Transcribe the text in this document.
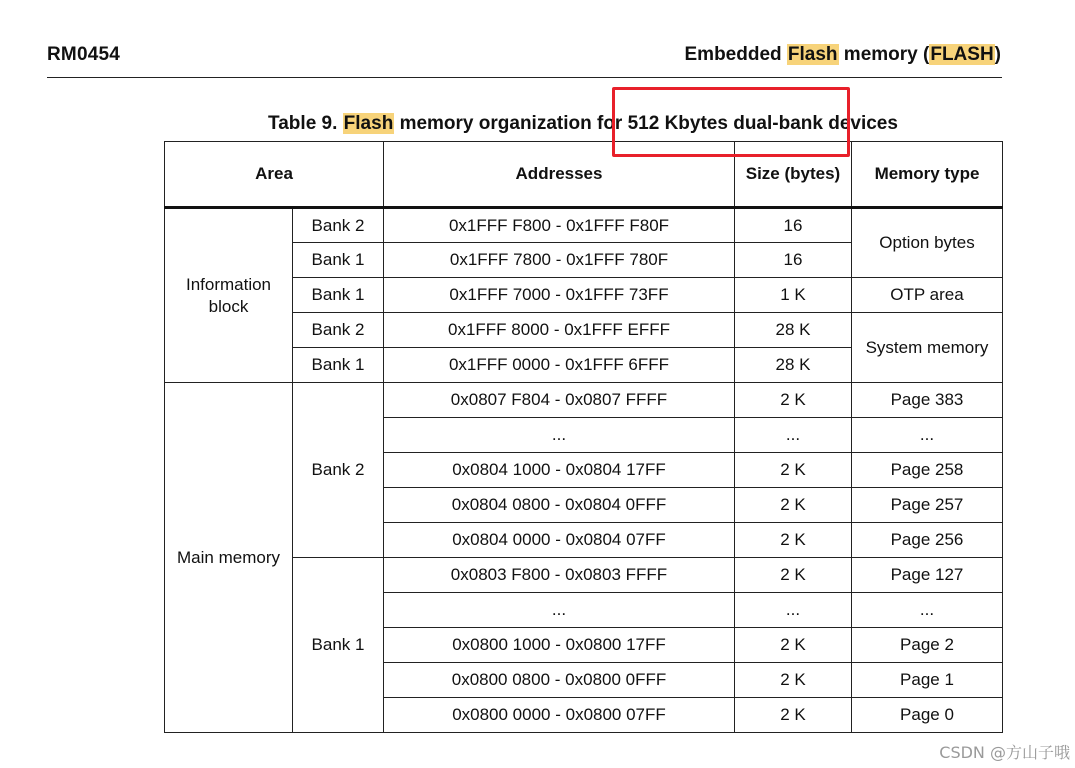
RM0454	Embedded Flash memory (FLASH)
Table 9. Flash memory organization for 512 Kbytes dual-bank devices
Area		Addresses	Size (bytes)	Memory type
Information block	Bank 2	0x1FFF F800 - 0x1FFF F80F	16	Option bytes
	Bank 1	0x1FFF 7800 - 0x1FFF 780F	16	
	Bank 1	0x1FFF 7000 - 0x1FFF 73FF	1 K	OTP area
	Bank 2	0x1FFF 8000 - 0x1FFF EFFF	28 K	System memory
	Bank 1	0x1FFF 0000 - 0x1FFF 6FFF	28 K	
Main memory	Bank 2	0x0807 F804 - 0x0807 FFFF	2 K	Page 383
		...	...	...
		0x0804 1000 - 0x0804 17FF	2 K	Page 258
		0x0804 0800 - 0x0804 0FFF	2 K	Page 257
		0x0804 0000 - 0x0804 07FF	2 K	Page 256
	Bank 1	0x0803 F800 - 0x0803 FFFF	2 K	Page 127
		...	...	...
		0x0800 1000 - 0x0800 17FF	2 K	Page 2
		0x0800 0800 - 0x0800 0FFF	2 K	Page 1
		0x0800 0000 - 0x0800 07FF	2 K	Page 0
CSDN @方山子哦
